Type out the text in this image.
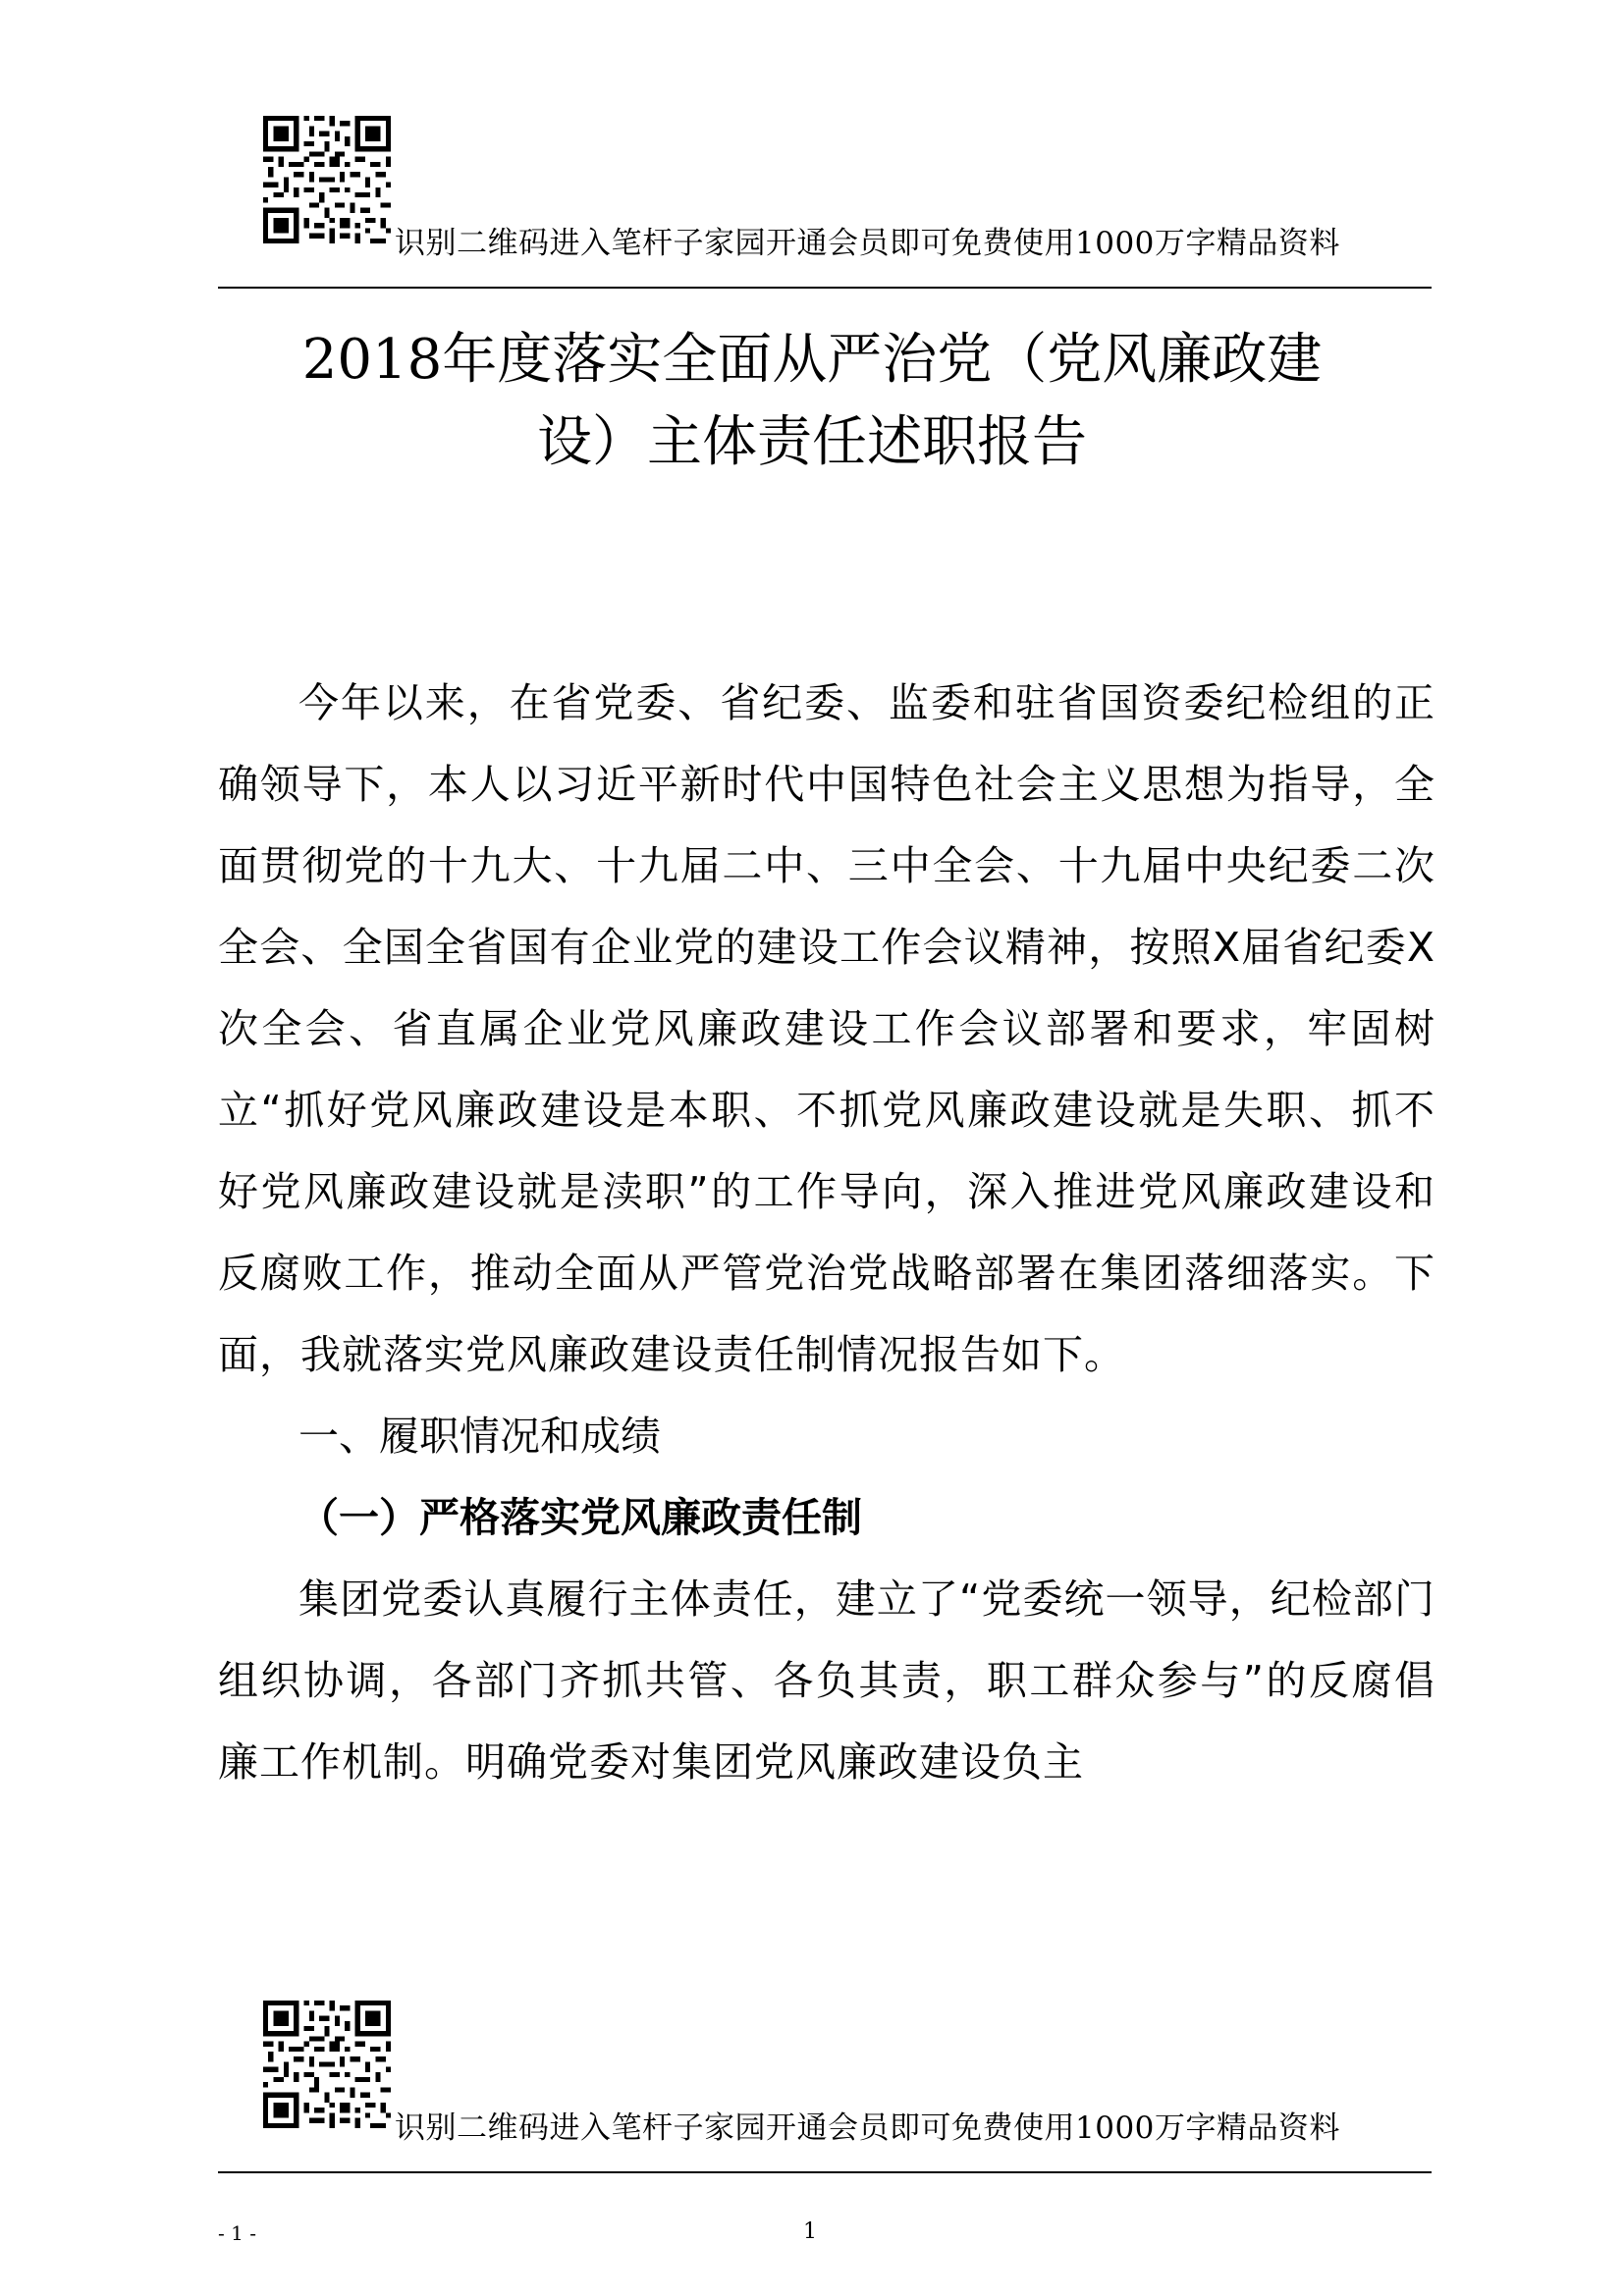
识别二维码进入笔杆子家园开通会员即可免费使用1000万字精品资料
2018年度落实全面从严治党（党风廉政建
设）主体责任述职报告

今年以来，在省党委、省纪委、监委和驻省国资委纪检组的正确领导下，本人以习近平新时代中国特色社会主义思想为指导，全面贯彻党的十九大、十九届二中、三中全会、十九届中央纪委二次全会、全国全省国有企业党的建设工作会议精神，按照X届省纪委X次全会、省直属企业党风廉政建设工作会议部署和要求，牢固树立“抓好党风廉政建设是本职、不抓党风廉政建设就是失职、抓不好党风廉政建设就是渎职”的工作导向，深入推进党风廉政建设和反腐败工作，推动全面从严管党治党战略部署在集团落细落实。下面，我就落实党风廉政建设责任制情况报告如下。

一、履职情况和成绩

（一）严格落实党风廉政责任制

集团党委认真履行主体责任，建立了“党委统一领导，纪检部门组织协调，各部门齐抓共管、各负其责，职工群众参与”的反腐倡廉工作机制。明确党委对集团党风廉政建设负主

识别二维码进入笔杆子家园开通会员即可免费使用1000万字精品资料
- 1 -	1
